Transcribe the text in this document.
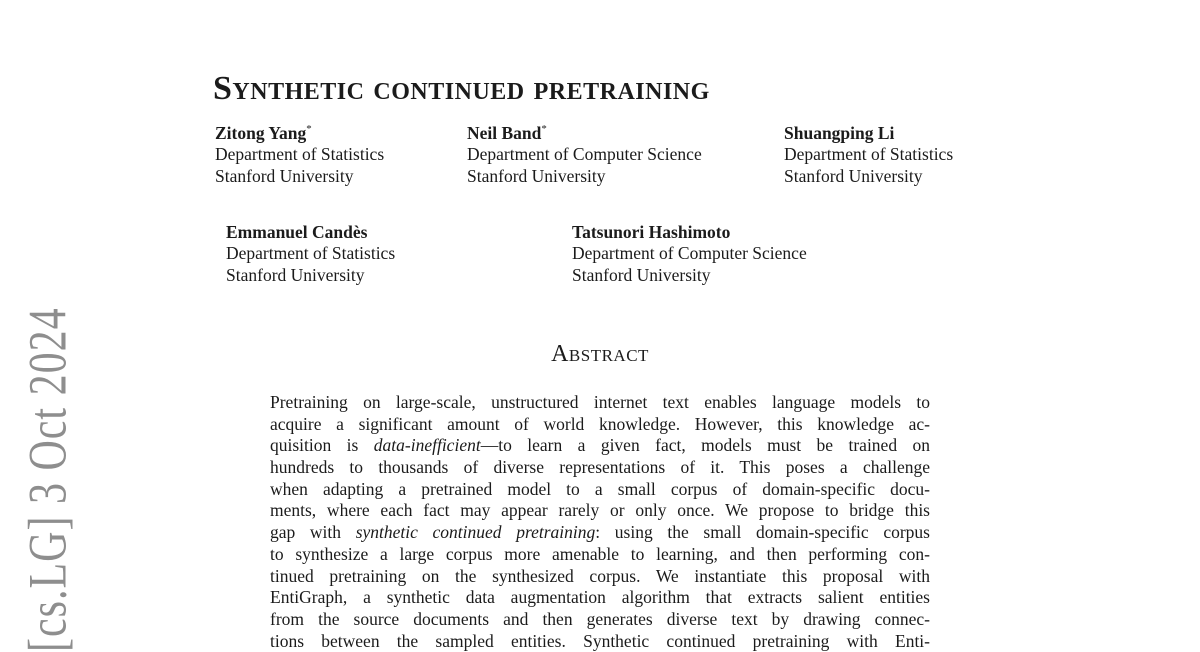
[cs.LG] 3 Oct 2024
Synthetic continued pretraining
Zitong Yang*
Department of Statistics
Stanford University
Neil Band*
Department of Computer Science
Stanford University
Shuangping Li
Department of Statistics
Stanford University
Emmanuel Candès
Department of Statistics
Stanford University
Tatsunori Hashimoto
Department of Computer Science
Stanford University
Abstract
Pretraining on large-scale, unstructured internet text enables language models to
acquire a significant amount of world knowledge. However, this knowledge ac-
quisition is data-inefficient—to learn a given fact, models must be trained on
hundreds to thousands of diverse representations of it. This poses a challenge
when adapting a pretrained model to a small corpus of domain-specific docu-
ments, where each fact may appear rarely or only once. We propose to bridge this
gap with synthetic continued pretraining: using the small domain-specific corpus
to synthesize a large corpus more amenable to learning, and then performing con-
tinued pretraining on the synthesized corpus. We instantiate this proposal with
EntiGraph, a synthetic data augmentation algorithm that extracts salient entities
from the source documents and then generates diverse text by drawing connec-
tions between the sampled entities. Synthetic continued pretraining with Enti-
